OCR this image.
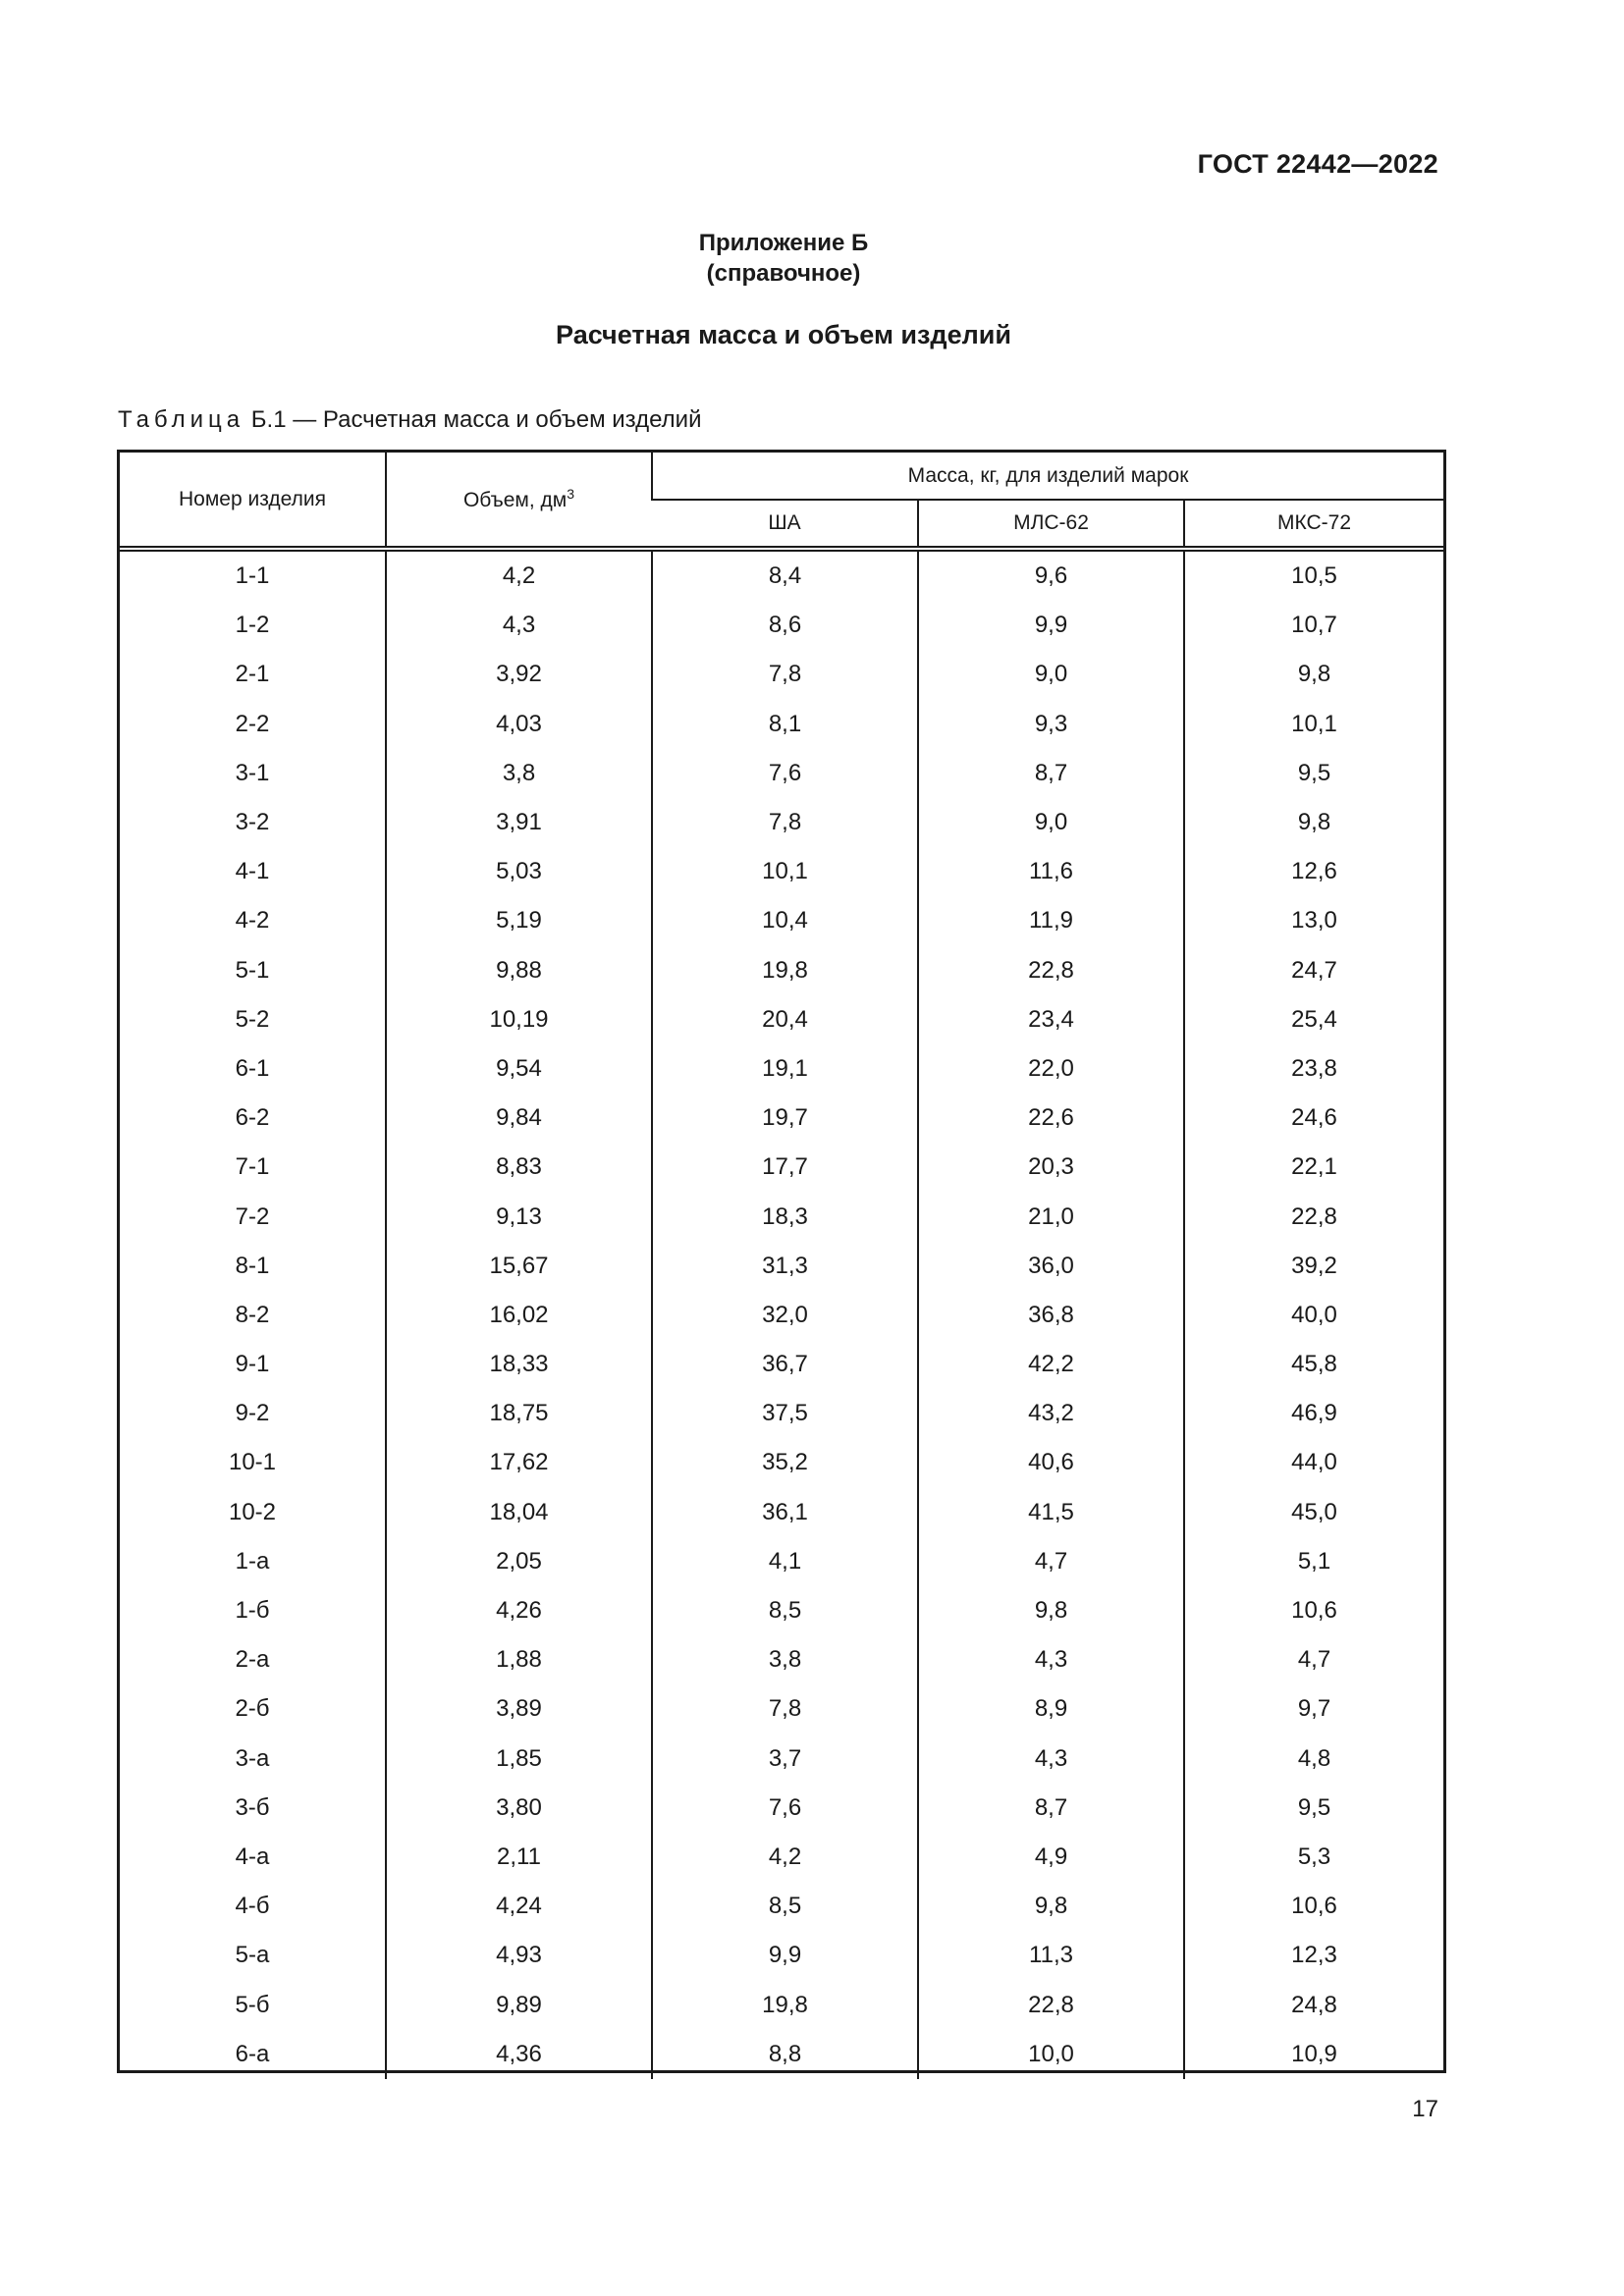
ГОСТ 22442—2022
Приложение Б
(справочное)
Расчетная масса и объем изделий
Таблица Б.1 — Расчетная масса и объем изделий
Номер изделия	Объем, $дм^3$	Масса, кг, для изделий марок		
		ША	МЛС-62	МКС-72

1-1	4,2	8,4	9,6	10,5
1-2	4,3	8,6	9,9	10,7
2-1	3,92	7,8	9,0	9,8
2-2	4,03	8,1	9,3	10,1
3-1	3,8	7,6	8,7	9,5
3-2	3,91	7,8	9,0	9,8
4-1	5,03	10,1	11,6	12,6
4-2	5,19	10,4	11,9	13,0
5-1	9,88	19,8	22,8	24,7
5-2	10,19	20,4	23,4	25,4
6-1	9,54	19,1	22,0	23,8
6-2	9,84	19,7	22,6	24,6
7-1	8,83	17,7	20,3	22,1
7-2	9,13	18,3	21,0	22,8
8-1	15,67	31,3	36,0	39,2
8-2	16,02	32,0	36,8	40,0
9-1	18,33	36,7	42,2	45,8
9-2	18,75	37,5	43,2	46,9
10-1	17,62	35,2	40,6	44,0
10-2	18,04	36,1	41,5	45,0
1-а	2,05	4,1	4,7	5,1
1-б	4,26	8,5	9,8	10,6
2-а	1,88	3,8	4,3	4,7
2-б	3,89	7,8	8,9	9,7
3-а	1,85	3,7	4,3	4,8
3-б	3,80	7,6	8,7	9,5
4-а	2,11	4,2	4,9	5,3
4-б	4,24	8,5	9,8	10,6
5-а	4,93	9,9	11,3	12,3
5-б	9,89	19,8	22,8	24,8
6-а	4,36	8,8	10,0	10,9
17
